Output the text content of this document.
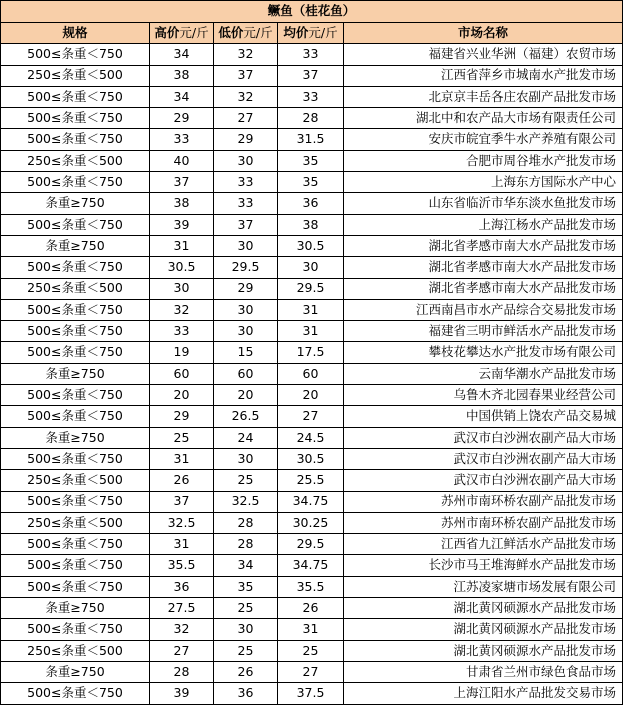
鳜鱼（桂花鱼）				
规格	高价元/斤	低价元/斤	均价元/斤	市场名称
500≤条重＜750	34	32	33	福建省兴业华洲（福建）农贸市场
250≤条重＜500	38	37	37	江西省萍乡市城南水产批发市场
500≤条重＜750	34	32	33	北京京丰岳各庄农副产品批发市场
500≤条重＜750	29	27	28	湖北中和农产品大市场有限责任公司
500≤条重＜750	33	29	31.5	安庆市皖宜季牛水产养殖有限公司
250≤条重＜500	40	30	35	合肥市周谷堆水产批发市场
500≤条重＜750	37	33	35	上海东方国际水产中心
条重≥750	38	33	36	山东省临沂市华东淡水鱼批发市场
500≤条重＜750	39	37	38	上海江杨水产品批发市场
条重≥750	31	30	30.5	湖北省孝感市南大水产品批发市场
500≤条重＜750	30.5	29.5	30	湖北省孝感市南大水产品批发市场
250≤条重＜500	30	29	29.5	湖北省孝感市南大水产品批发市场
500≤条重＜750	32	30	31	江西南昌市水产品综合交易批发市场
500≤条重＜750	33	30	31	福建省三明市鲜活水产品批发市场
500≤条重＜750	19	15	17.5	攀枝花攀达水产批发市场有限公司
条重≥750	60	60	60	云南华潮水产品批发市场
500≤条重＜750	20	20	20	乌鲁木齐北园春果业经营公司
500≤条重＜750	29	26.5	27	中国供销上饶农产品交易城
条重≥750	25	24	24.5	武汉市白沙洲农副产品大市场
500≤条重＜750	31	30	30.5	武汉市白沙洲农副产品大市场
250≤条重＜500	26	25	25.5	武汉市白沙洲农副产品大市场
500≤条重＜750	37	32.5	34.75	苏州市南环桥农副产品批发市场
250≤条重＜500	32.5	28	30.25	苏州市南环桥农副产品批发市场
500≤条重＜750	31	28	29.5	江西省九江鲜活水产品批发市场
500≤条重＜750	35.5	34	34.75	长沙市马王堆海鲜水产品批发市场
500≤条重＜750	36	35	35.5	江苏凌家塘市场发展有限公司
条重≥750	27.5	25	26	湖北黄冈硕源水产品批发市场
500≤条重＜750	32	30	31	湖北黄冈硕源水产品批发市场
250≤条重＜500	27	25	25	湖北黄冈硕源水产品批发市场
条重≥750	28	26	27	甘肃省兰州市绿色食品市场
500≤条重＜750	39	36	37.5	上海江阳水产品批发交易市场
